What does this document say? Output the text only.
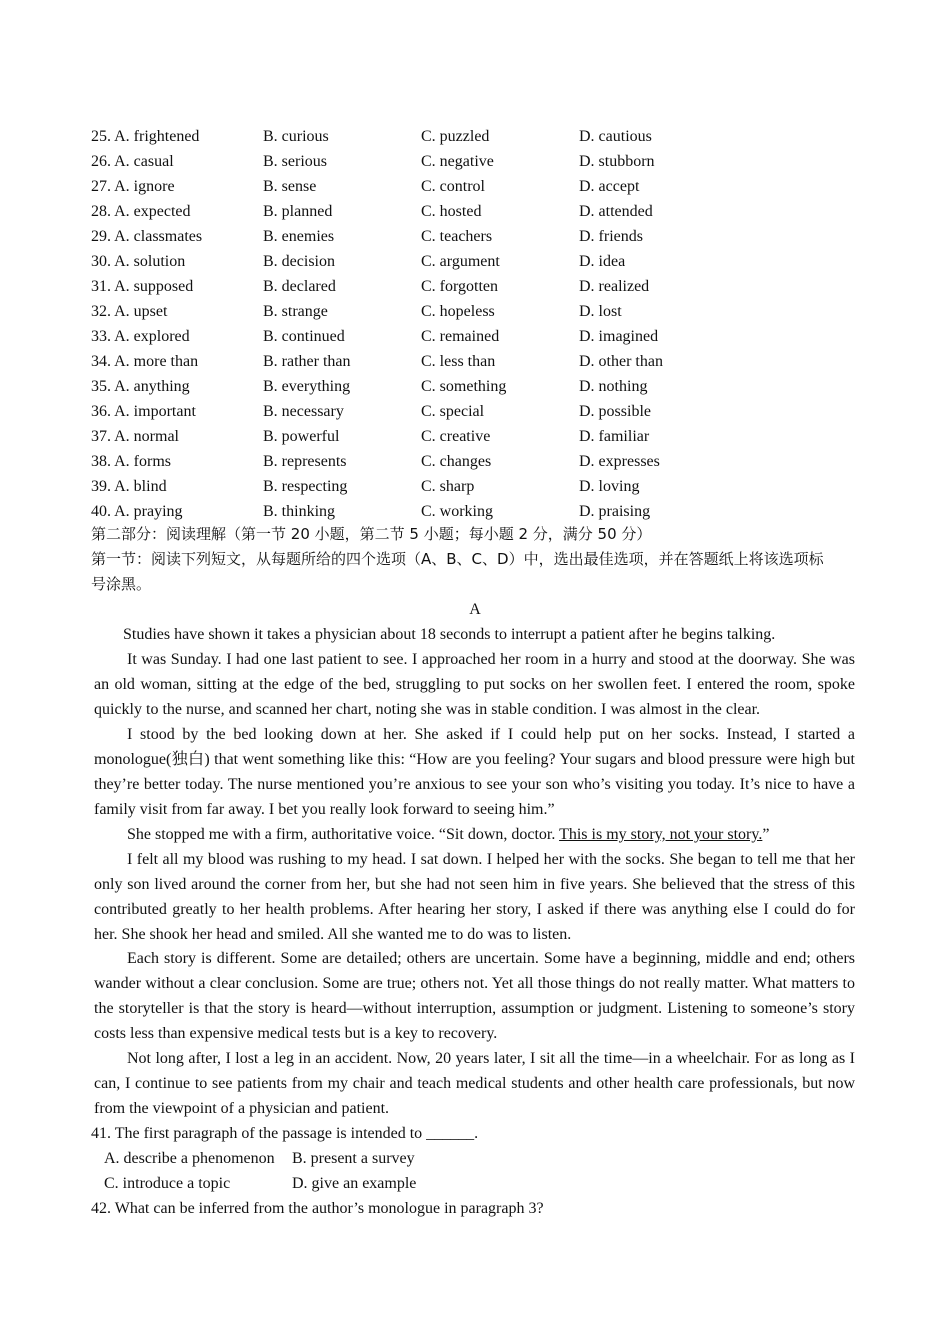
25. A. frightened	B. curious	C. puzzled	D. cautious
26. A. casual	B. serious	C. negative	D. stubborn
27. A. ignore	B. sense	C. control	D. accept
28. A. expected	B. planned	C. hosted	D. attended
29. A. classmates	B. enemies	C. teachers	D. friends
30. A. solution	B. decision	C. argument	D. idea
31. A. supposed	B. declared	C. forgotten	D. realized
32. A. upset	B. strange	C. hopeless	D. lost
33. A. explored	B. continued	C. remained	D. imagined
34. A. more than	B. rather than	C. less than	D. other than
35. A. anything	B. everything	C. something	D. nothing
36. A. important	B. necessary	C. special	D. possible
37. A. normal	B. powerful	C. creative	D. familiar
38. A. forms	B. represents	C. changes	D. expresses
39. A. blind	B. respecting	C. sharp	D. loving
40. A. praying	B. thinking	C. working	D. praising
第二部分：阅读理解（第一节 20 小题，第二节 5 小题；每小题 2 分，满分 50 分）
第一节：阅读下列短文，从每题所给的四个选项（A、B、C、D）中，选出最佳选项，并在答题纸上将该选项标
号涂黑。
A
Studies have shown it takes a physician about 18 seconds to interrupt a patient after he begins talking.
It was Sunday. I had one last patient to see. I approached her room in a hurry and stood at the doorway. She was an old woman, sitting at the edge of the bed, struggling to put socks on her swollen feet. I entered the room, spoke quickly to the nurse, and scanned her chart, noting she was in stable condition. I was almost in the clear.
I stood by the bed looking down at her. She asked if I could help put on her socks. Instead, I started a monologue(独白) that went something like this: “How are you feeling? Your sugars and blood pressure were high but they’re better today. The nurse mentioned you’re anxious to see your son who’s visiting you today. It’s nice to have a family visit from far away. I bet you really look forward to seeing him.”
She stopped me with a firm, authoritative voice. “Sit down, doctor. This is my story, not your story.”
I felt all my blood was rushing to my head. I sat down. I helped her with the socks. She began to tell me that her only son lived around the corner from her, but she had not seen him in five years. She believed that the stress of this contributed greatly to her health problems. After hearing her story, I asked if there was anything else I could do for her. She shook her head and smiled. All she wanted me to do was to listen.
Each story is different. Some are detailed; others are uncertain. Some have a beginning, middle and end; others wander without a clear conclusion. Some are true; others not. Yet all those things do not really matter. What matters to the storyteller is that the story is heard—without interruption, assumption or judgment. Listening to someone’s story costs less than expensive medical tests but is a key to recovery.
Not long after, I lost a leg in an accident. Now, 20 years later, I sit all the time—in a wheelchair. For as long as I can, I continue to see patients from my chair and teach medical students and other health care professionals, but now from the viewpoint of a physician and patient.
41. The first paragraph of the passage is intended to ______.
A. describe a phenomenon B. present a survey
C. introduce a topic	D. give an example
42. What can be inferred from the author’s monologue in paragraph 3?
